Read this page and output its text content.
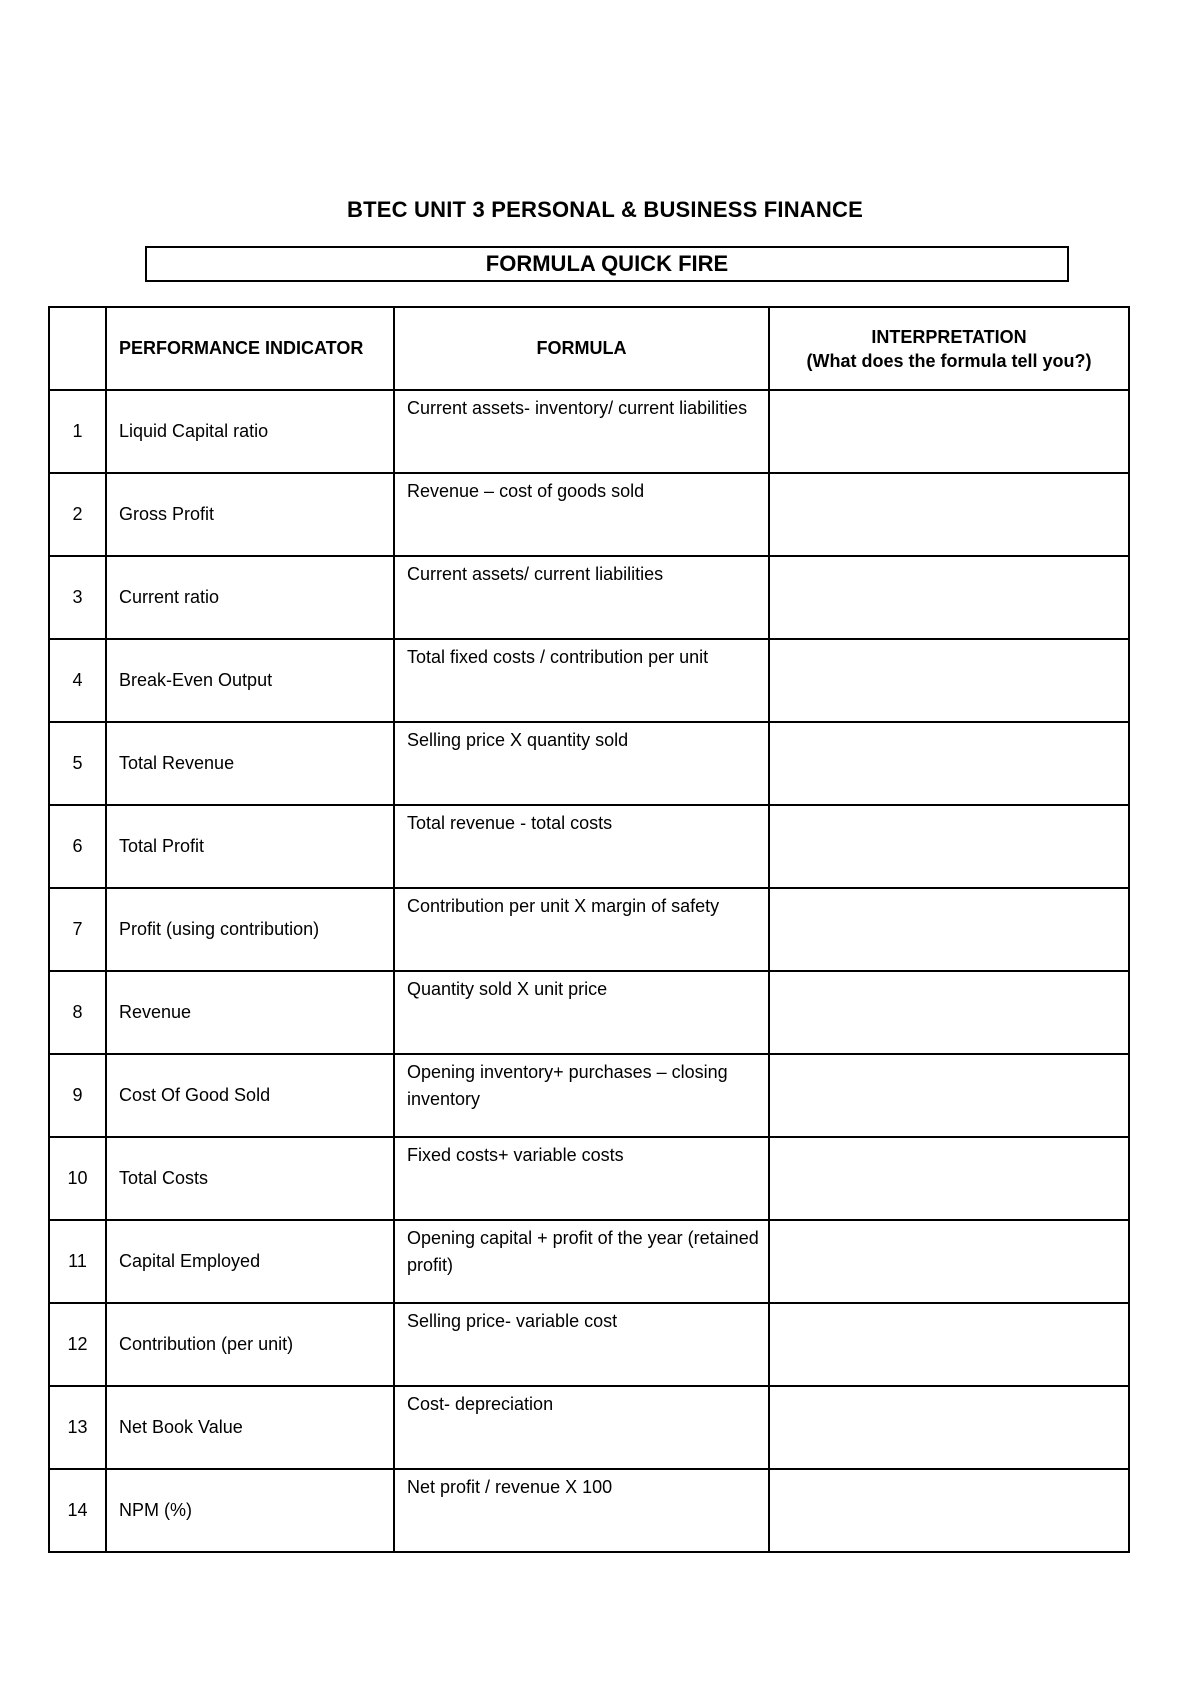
BTEC UNIT 3 PERSONAL & BUSINESS FINANCE
FORMULA QUICK FIRE
	PERFORMANCE INDICATOR	FORMULA	INTERPRETATION
(What does the formula tell you?)

1	Liquid Capital ratio	Current assets- inventory/ current liabilities	
2	Gross Profit	Revenue – cost of goods sold	
3	Current ratio	Current assets/ current liabilities	
4	Break-Even Output	Total fixed costs / contribution per unit	
5	Total Revenue	Selling price X quantity sold	
6	Total Profit	Total revenue - total costs	
7	Profit (using contribution)	Contribution per unit X margin of safety	
8	Revenue	Quantity sold X unit price	
9	Cost Of Good Sold	Opening inventory+ purchases – closing inventory	
10	Total Costs	Fixed costs+ variable costs	
11	Capital Employed	Opening capital + profit of the year (retained profit)	
12	Contribution (per unit)	Selling price- variable cost	
13	Net Book Value	Cost- depreciation	
14	NPM (%)	Net profit / revenue X 100	
